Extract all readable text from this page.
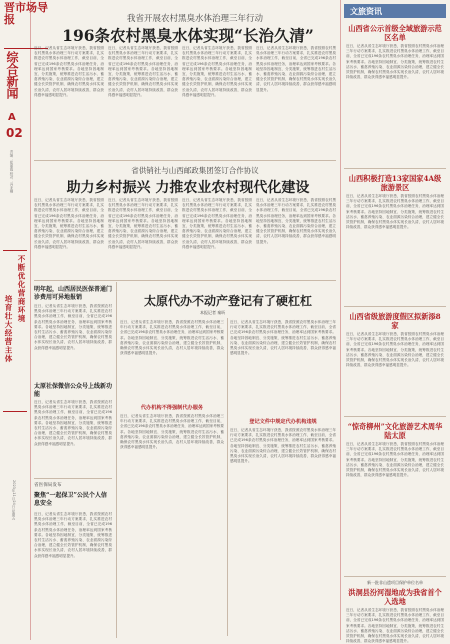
晋市场导报
综合新闻
A
02
责编：崔丽霞 校对：冯亚楠
不断优化营商环境
培育壮大经营主体
2023年11月24日 星期五
我省开展农村黑臭水体治理三年行动
196条农村黑臭水体实现“长治久清”
近日，记者从省生态环境厅获悉，我省按照农村黑臭水体治理三年行动方案要求，扎实推进农村黑臭水体治理工作，截至目前，全省已完成196条农村黑臭水体治理任务，治理率达到国家考核要求。各地坚持因地制宜、分类施策，统筹推进农村生活污水、畜禽养殖污染、农业面源污染综合治理，建立健全长效管护机制，确保农村黑臭水体实现长治久清，农村人居环境持续改善，群众获得感幸福感明显提升。
近日，记者从省生态环境厅获悉，我省按照农村黑臭水体治理三年行动方案要求，扎实推进农村黑臭水体治理工作，截至目前，全省已完成196条农村黑臭水体治理任务，治理率达到国家考核要求。各地坚持因地制宜、分类施策，统筹推进农村生活污水、畜禽养殖污染、农业面源污染综合治理，建立健全长效管护机制，确保农村黑臭水体实现长治久清，农村人居环境持续改善，群众获得感幸福感明显提升。
近日，记者从省生态环境厅获悉，我省按照农村黑臭水体治理三年行动方案要求，扎实推进农村黑臭水体治理工作，截至目前，全省已完成196条农村黑臭水体治理任务，治理率达到国家考核要求。各地坚持因地制宜、分类施策，统筹推进农村生活污水、畜禽养殖污染、农业面源污染综合治理，建立健全长效管护机制，确保农村黑臭水体实现长治久清，农村人居环境持续改善，群众获得感幸福感明显提升。
近日，记者从省生态环境厅获悉，我省按照农村黑臭水体治理三年行动方案要求，扎实推进农村黑臭水体治理工作，截至目前，全省已完成196条农村黑臭水体治理任务，治理率达到国家考核要求。各地坚持因地制宜、分类施策，统筹推进农村生活污水、畜禽养殖污染、农业面源污染综合治理，建立健全长效管护机制，确保农村黑臭水体实现长治久清，农村人居环境持续改善，群众获得感幸福感明显提升。
省供销社与山西邮政集团签订合作协议
助力乡村振兴 力推农业农村现代化建设
近日，记者从省生态环境厅获悉，我省按照农村黑臭水体治理三年行动方案要求，扎实推进农村黑臭水体治理工作，截至目前，全省已完成196条农村黑臭水体治理任务，治理率达到国家考核要求。各地坚持因地制宜、分类施策，统筹推进农村生活污水、畜禽养殖污染、农业面源污染综合治理，建立健全长效管护机制，确保农村黑臭水体实现长治久清，农村人居环境持续改善，群众获得感幸福感明显提升。
近日，记者从省生态环境厅获悉，我省按照农村黑臭水体治理三年行动方案要求，扎实推进农村黑臭水体治理工作，截至目前，全省已完成196条农村黑臭水体治理任务，治理率达到国家考核要求。各地坚持因地制宜、分类施策，统筹推进农村生活污水、畜禽养殖污染、农业面源污染综合治理，建立健全长效管护机制，确保农村黑臭水体实现长治久清，农村人居环境持续改善，群众获得感幸福感明显提升。
近日，记者从省生态环境厅获悉，我省按照农村黑臭水体治理三年行动方案要求，扎实推进农村黑臭水体治理工作，截至目前，全省已完成196条农村黑臭水体治理任务，治理率达到国家考核要求。各地坚持因地制宜、分类施策，统筹推进农村生活污水、畜禽养殖污染、农业面源污染综合治理，建立健全长效管护机制，确保农村黑臭水体实现长治久清，农村人居环境持续改善，群众获得感幸福感明显提升。
近日，记者从省生态环境厅获悉，我省按照农村黑臭水体治理三年行动方案要求，扎实推进农村黑臭水体治理工作，截至目前，全省已完成196条农村黑臭水体治理任务，治理率达到国家考核要求。各地坚持因地制宜、分类施策，统筹推进农村生活污水、畜禽养殖污染、农业面源污染综合治理，建立健全长效管护机制，确保农村黑臭水体实现长治久清，农村人居环境持续改善，群众获得感幸福感明显提升。
明年起，山西居民医保普通门诊费用可异地报销
近日，记者从省生态环境厅获悉，我省按照农村黑臭水体治理三年行动方案要求，扎实推进农村黑臭水体治理工作，截至目前，全省已完成196条农村黑臭水体治理任务，治理率达到国家考核要求。各地坚持因地制宜、分类施策，统筹推进农村生活污水、畜禽养殖污染、农业面源污染综合治理，建立健全长效管护机制，确保农村黑臭水体实现长治久清，农村人居环境持续改善，群众获得感幸福感明显提升。
太原社保微信公众号上线新功能
近日，记者从省生态环境厅获悉，我省按照农村黑臭水体治理三年行动方案要求，扎实推进农村黑臭水体治理工作，截至目前，全省已完成196条农村黑臭水体治理任务，治理率达到国家考核要求。各地坚持因地制宜、分类施策，统筹推进农村生活污水、畜禽养殖污染、农业面源污染综合治理，建立健全长效管护机制，确保农村黑臭水体实现长治久清，农村人居环境持续改善，群众获得感幸福感明显提升。
省医保局发布
聚焦“一起保卫”公民个人信息安全
近日，记者从省生态环境厅获悉，我省按照农村黑臭水体治理三年行动方案要求，扎实推进农村黑臭水体治理工作，截至目前，全省已完成196条农村黑臭水体治理任务，治理率达到国家考核要求。各地坚持因地制宜、分类施策，统筹推进农村生活污水、畜禽养殖污染、农业面源污染综合治理，建立健全长效管护机制，确保农村黑臭水体实现长治久清，农村人居环境持续改善，群众获得感幸福感明显提升。
太原代办不动产登记有了硬杠杠
本报记者 秦昕
近日，记者从省生态环境厅获悉，我省按照农村黑臭水体治理三年行动方案要求，扎实推进农村黑臭水体治理工作，截至目前，全省已完成196条农村黑臭水体治理任务，治理率达到国家考核要求。各地坚持因地制宜、分类施策，统筹推进农村生活污水、畜禽养殖污染、农业面源污染综合治理，建立健全长效管护机制，确保农村黑臭水体实现长治久清，农村人居环境持续改善，群众获得感幸福感明显提升。
近日，记者从省生态环境厅获悉，我省按照农村黑臭水体治理三年行动方案要求，扎实推进农村黑臭水体治理工作，截至目前，全省已完成196条农村黑臭水体治理任务，治理率达到国家考核要求。各地坚持因地制宜、分类施策，统筹推进农村生活污水、畜禽养殖污染、农业面源污染综合治理，建立健全长效管护机制，确保农村黑臭水体实现长治久清，农村人居环境持续改善，群众获得感幸福感明显提升。
代办机构不得强制代办服务
登记文件中规定代办机构违规
近日，记者从省生态环境厅获悉，我省按照农村黑臭水体治理三年行动方案要求，扎实推进农村黑臭水体治理工作，截至目前，全省已完成196条农村黑臭水体治理任务，治理率达到国家考核要求。各地坚持因地制宜、分类施策，统筹推进农村生活污水、畜禽养殖污染、农业面源污染综合治理，建立健全长效管护机制，确保农村黑臭水体实现长治久清，农村人居环境持续改善，群众获得感幸福感明显提升。
近日，记者从省生态环境厅获悉，我省按照农村黑臭水体治理三年行动方案要求，扎实推进农村黑臭水体治理工作，截至目前，全省已完成196条农村黑臭水体治理任务，治理率达到国家考核要求。各地坚持因地制宜、分类施策，统筹推进农村生活污水、畜禽养殖污染、农业面源污染综合治理，建立健全长效管护机制，确保农村黑臭水体实现长治久清，农村人居环境持续改善，群众获得感幸福感明显提升。
文旅资讯
山西省公示首级全域旅游示范区名单
近日，记者从省生态环境厅获悉，我省按照农村黑臭水体治理三年行动方案要求，扎实推进农村黑臭水体治理工作，截至目前，全省已完成196条农村黑臭水体治理任务，治理率达到国家考核要求。各地坚持因地制宜、分类施策，统筹推进农村生活污水、畜禽养殖污染、农业面源污染综合治理，建立健全长效管护机制，确保农村黑臭水体实现长治久清，农村人居环境持续改善，群众获得感幸福感明显提升。
山西积极打造13家国家4A级旅游景区
近日，记者从省生态环境厅获悉，我省按照农村黑臭水体治理三年行动方案要求，扎实推进农村黑臭水体治理工作，截至目前，全省已完成196条农村黑臭水体治理任务，治理率达到国家考核要求。各地坚持因地制宜、分类施策，统筹推进农村生活污水、畜禽养殖污染、农业面源污染综合治理，建立健全长效管护机制，确保农村黑臭水体实现长治久清，农村人居环境持续改善，群众获得感幸福感明显提升。
山西省级旅游度假区拟新添8家
近日，记者从省生态环境厅获悉，我省按照农村黑臭水体治理三年行动方案要求，扎实推进农村黑臭水体治理工作，截至目前，全省已完成196条农村黑臭水体治理任务，治理率达到国家考核要求。各地坚持因地制宜、分类施策，统筹推进农村生活污水、畜禽养殖污染、农业面源污染综合治理，建立健全长效管护机制，确保农村黑臭水体实现长治久清，农村人居环境持续改善，群众获得感幸福感明显提升。
“惊奇柳州”文化旅游艺术周华陆太原
近日，记者从省生态环境厅获悉，我省按照农村黑臭水体治理三年行动方案要求，扎实推进农村黑臭水体治理工作，截至目前，全省已完成196条农村黑臭水体治理任务，治理率达到国家考核要求。各地坚持因地制宜、分类施策，统筹推进农村生活污水、畜禽养殖污染、农业面源污染综合治理，建立健全长效管护机制，确保农村黑臭水体实现长治久清，农村人居环境持续改善，群众获得感幸福感明显提升。
新一批非山遗项目保护单位名单
洪洞县汾河湿地成为我省首个入选地
近日，记者从省生态环境厅获悉，我省按照农村黑臭水体治理三年行动方案要求，扎实推进农村黑臭水体治理工作，截至目前，全省已完成196条农村黑臭水体治理任务，治理率达到国家考核要求。各地坚持因地制宜、分类施策，统筹推进农村生活污水、畜禽养殖污染、农业面源污染综合治理，建立健全长效管护机制，确保农村黑臭水体实现长治久清，农村人居环境持续改善，群众获得感幸福感明显提升。
